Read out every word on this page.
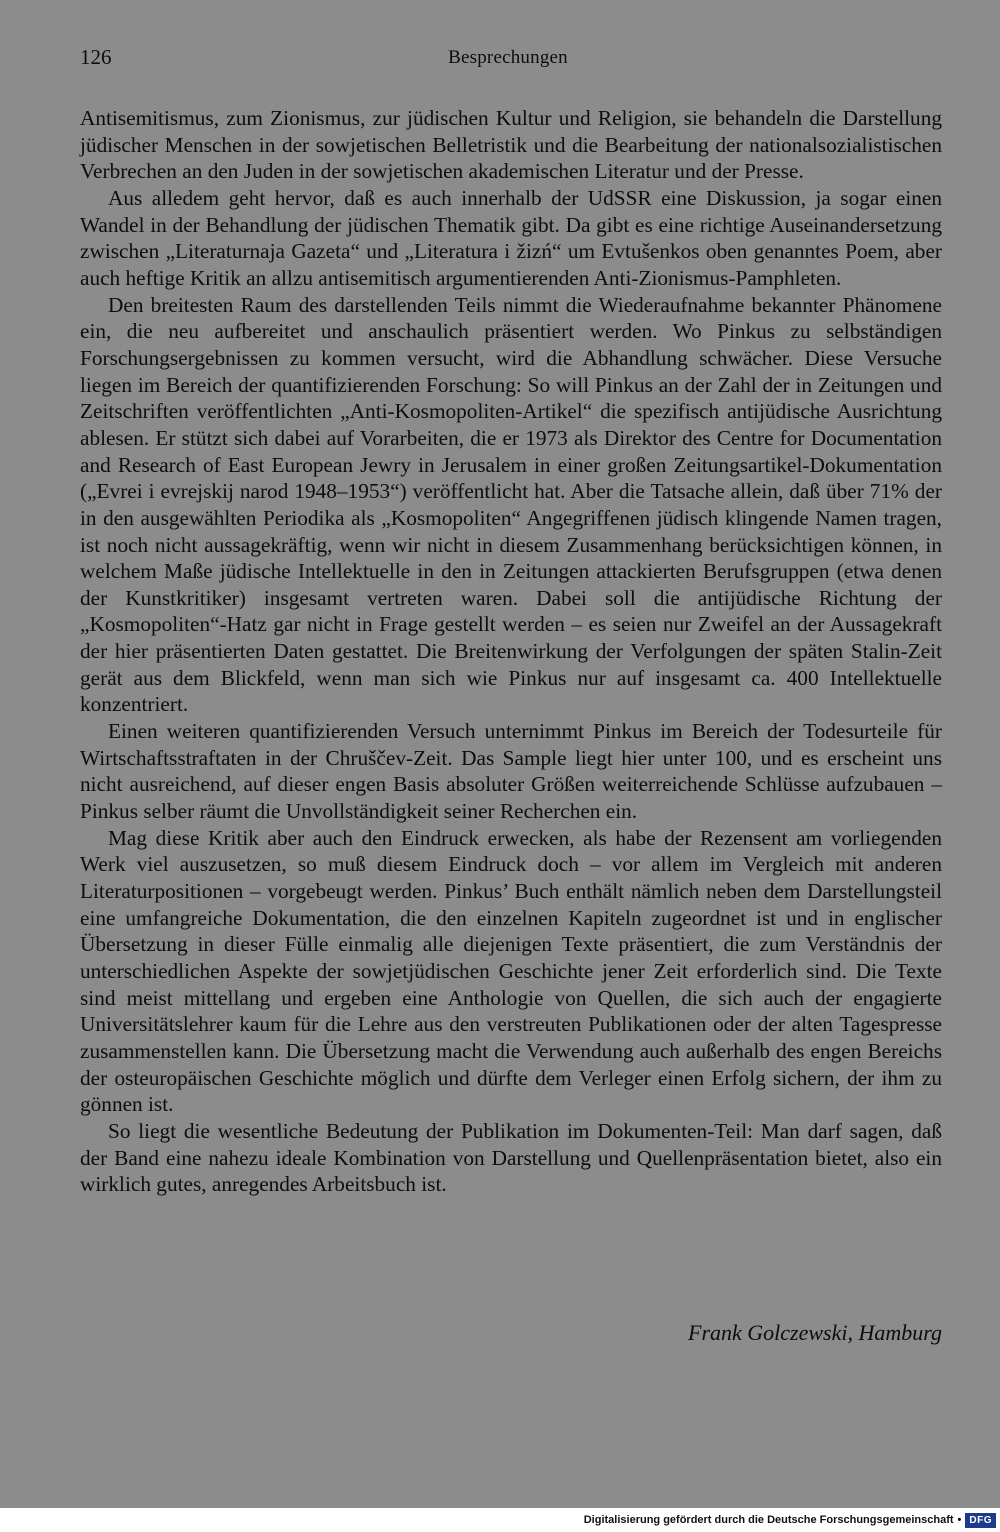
126	Besprechungen

Antisemitismus, zum Zionismus, zur jüdischen Kultur und Religion, sie behandeln die Darstellung jüdischer Menschen in der sowjetischen Belletristik und die Bearbeitung der nationalsozialistischen Verbrechen an den Juden in der sowjetischen akademischen Literatur und der Presse.

Aus alledem geht hervor, daß es auch innerhalb der UdSSR eine Diskussion, ja sogar einen Wandel in der Behandlung der jüdischen Thematik gibt. Da gibt es eine richtige Auseinandersetzung zwischen „Literaturnaja Gazeta“ und „Literatura i žizń“ um Evtušenkos oben genanntes Poem, aber auch heftige Kritik an allzu antisemitisch argumentierenden Anti-Zionismus-Pamphleten.

Den breitesten Raum des darstellenden Teils nimmt die Wiederaufnahme bekannter Phänomene ein, die neu aufbereitet und anschaulich präsentiert werden. Wo Pinkus zu selbständigen Forschungsergebnissen zu kommen versucht, wird die Abhandlung schwächer. Diese Versuche liegen im Bereich der quantifizierenden Forschung: So will Pinkus an der Zahl der in Zeitungen und Zeitschriften veröffentlichten „Anti-Kosmopoliten-Artikel“ die spezifisch antijüdische Ausrichtung ablesen. Er stützt sich dabei auf Vorarbeiten, die er 1973 als Direktor des Centre for Documentation and Research of East European Jewry in Jerusalem in einer großen Zeitungsartikel-Dokumentation („Evrei i evrejskij narod 1948–1953“) veröffentlicht hat. Aber die Tatsache allein, daß über 71% der in den ausgewählten Periodika als „Kosmopoliten“ Angegriffenen jüdisch klingende Namen tragen, ist noch nicht aussagekräftig, wenn wir nicht in diesem Zusammenhang berücksichtigen können, in welchem Maße jüdische Intellektuelle in den in Zeitungen attackierten Berufsgruppen (etwa denen der Kunstkritiker) insgesamt vertreten waren. Dabei soll die antijüdische Richtung der „Kosmopoliten“-Hatz gar nicht in Frage gestellt werden – es seien nur Zweifel an der Aussagekraft der hier präsentierten Daten gestattet. Die Breitenwirkung der Verfolgungen der späten Stalin-Zeit gerät aus dem Blickfeld, wenn man sich wie Pinkus nur auf insgesamt ca. 400 Intellektuelle konzentriert.

Einen weiteren quantifizierenden Versuch unternimmt Pinkus im Bereich der Todesurteile für Wirtschaftsstraftaten in der Chruščev-Zeit. Das Sample liegt hier unter 100, und es erscheint uns nicht ausreichend, auf dieser engen Basis absoluter Größen weiterreichende Schlüsse aufzubauen – Pinkus selber räumt die Unvollständigkeit seiner Recherchen ein.

Mag diese Kritik aber auch den Eindruck erwecken, als habe der Rezensent am vorliegenden Werk viel auszusetzen, so muß diesem Eindruck doch – vor allem im Vergleich mit anderen Literaturpositionen – vorgebeugt werden. Pinkus’ Buch enthält nämlich neben dem Darstellungsteil eine umfangreiche Dokumentation, die den einzelnen Kapiteln zugeordnet ist und in englischer Übersetzung in dieser Fülle einmalig alle diejenigen Texte präsentiert, die zum Verständnis der unterschiedlichen Aspekte der sowjetjüdischen Geschichte jener Zeit erforderlich sind. Die Texte sind meist mittellang und ergeben eine Anthologie von Quellen, die sich auch der engagierte Universitätslehrer kaum für die Lehre aus den verstreuten Publikationen oder der alten Tagespresse zusammenstellen kann. Die Übersetzung macht die Verwendung auch außerhalb des engen Bereichs der osteuropäischen Geschichte möglich und dürfte dem Verleger einen Erfolg sichern, der ihm zu gönnen ist.

So liegt die wesentliche Bedeutung der Publikation im Dokumenten-Teil: Man darf sagen, daß der Band eine nahezu ideale Kombination von Darstellung und Quellenpräsentation bietet, also ein wirklich gutes, anregendes Arbeitsbuch ist.

Frank Golczewski, Hamburg
Digitalisierung gefördert durch die Deutsche Forschungsgemeinschaft • DFG
